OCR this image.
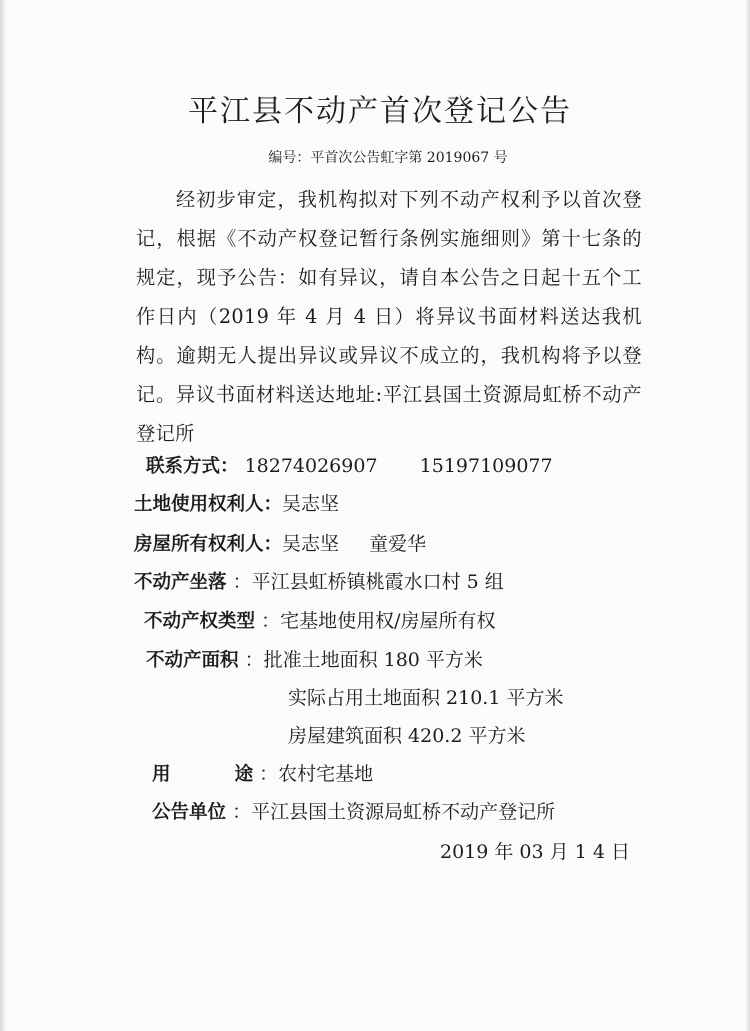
平江县不动产首次登记公告
编号：平首次公告虹字第 2019067 号

经初步审定，我机构拟对下列不动产权利予以首次登记，根据《不动产权登记暂行条例实施细则》第十七条的规定，现予公告：如有异议，请自本公告之日起十五个工作日内（2019 年 4 月 4 日）将异议书面材料送达我机构。逾期无人提出异议或异议不成立的，我机构将予以登记。异议书面材料送达地址:平江县国土资源局虹桥不动产登记所

联系方式： 18274026907 15197109077
土地使用权利人：吴志坚
房屋所有权利人：吴志坚 童爱华
不动产坐落 ：平江县虹桥镇桃霞水口村 5 组
不动产权类型 ：宅基地使用权/房屋所有权
不动产面积 ：批准土地面积 180 平方米
实际占用土地面积 210.1 平方米
房屋建筑面积 420.2 平方米
用	途 ：农村宅基地
公告单位 ：平江县国土资源局虹桥不动产登记所
2019 年 03 月 1 4 日
